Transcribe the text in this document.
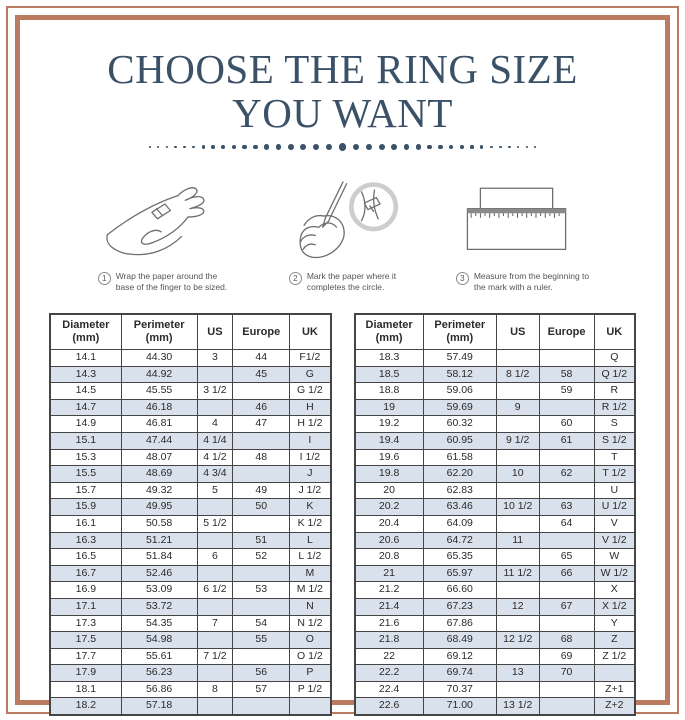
CHOOSE THE RING SIZE
YOU WANT
1	Wrap the paper around the
base of the finger to be sized.
2	Mark the paper where it
completes the circle.
3	Measure from the beginning to
the mark with a ruler.
Diameter
(mm)	Perimeter
(mm)	US	Europe	UK
14.1	44.30	3	44	F1/2
14.3	44.92		45	G
14.5	45.55	3 1/2		G 1/2
14.7	46.18		46	H
14.9	46.81	4	47	H 1/2
15.1	47.44	4 1/4		I
15.3	48.07	4 1/2	48	I 1/2
15.5	48.69	4 3/4		J
15.7	49.32	5	49	J 1/2
15.9	49.95		50	K
16.1	50.58	5 1/2		K 1/2
16.3	51.21		51	L
16.5	51.84	6	52	L 1/2
16.7	52.46			M
16.9	53.09	6 1/2	53	M 1/2
17.1	53.72			N
17.3	54.35	7	54	N 1/2
17.5	54.98		55	O
17.7	55.61	7 1/2		O 1/2
17.9	56.23		56	P
18.1	56.86	8	57	P 1/2
18.2	57.18			
Diameter
(mm)	Perimeter
(mm)	US	Europe	UK
18.3	57.49			Q
18.5	58.12	8 1/2	58	Q 1/2
18.8	59.06		59	R
19	59.69	9		R 1/2
19.2	60.32		60	S
19.4	60.95	9 1/2	61	S 1/2
19.6	61.58			T
19.8	62.20	10	62	T 1/2
20	62.83			U
20.2	63.46	10 1/2	63	U 1/2
20.4	64.09		64	V
20.6	64.72	11		V 1/2
20.8	65.35		65	W
21	65.97	11 1/2	66	W 1/2
21.2	66.60			X
21.4	67.23	12	67	X 1/2
21.6	67.86			Y
21.8	68.49	12 1/2	68	Z
22	69.12		69	Z 1/2
22.2	69.74	13	70	
22.4	70.37			Z+1
22.6	71.00	13 1/2		Z+2
